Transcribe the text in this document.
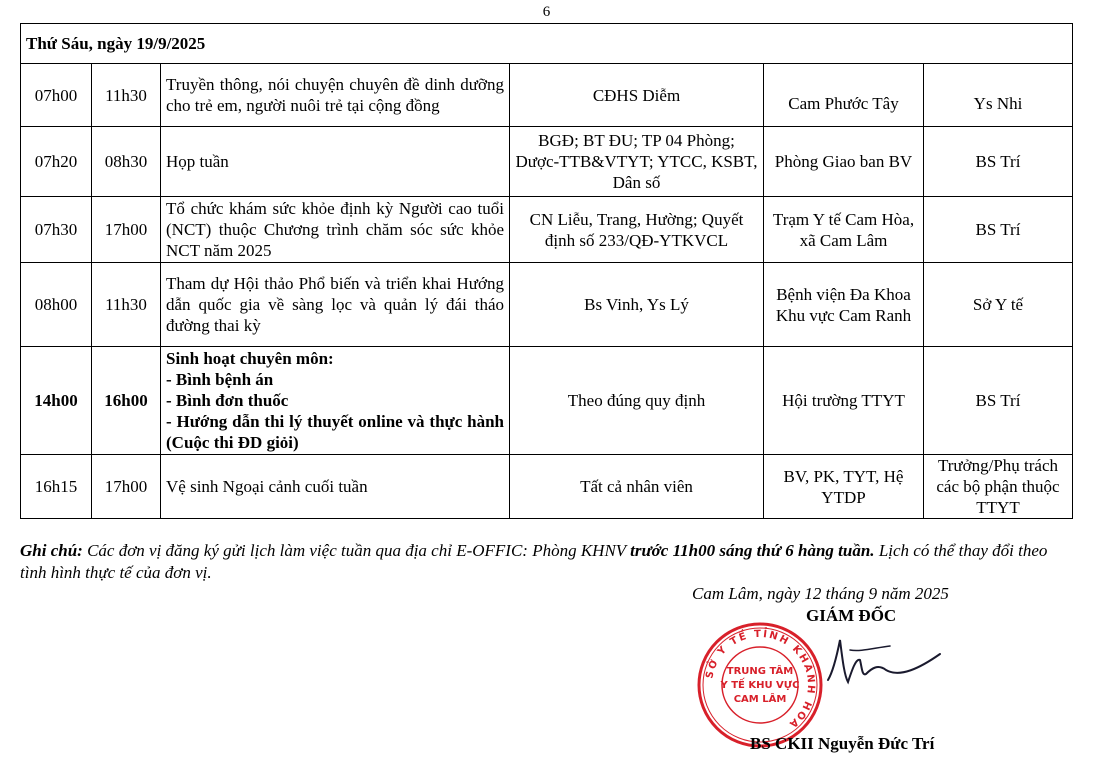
6
Thứ Sáu, ngày 19/9/2025					
07h00	11h30	Truyền thông, nói chuyện chuyên đề dinh dưỡng cho trẻ em, người nuôi trẻ tại cộng đồng	CĐHS Diễm	Cam Phước Tây	Ys Nhi
07h20	08h30	Họp tuần	BGĐ; BT ĐU; TP 04 Phòng; Dược-TTB&VTYT; YTCC, KSBT, Dân số	Phòng Giao ban BV	BS Trí
07h30	17h00	Tổ chức khám sức khỏe định kỳ Người cao tuổi (NCT) thuộc Chương trình chăm sóc sức khỏe NCT năm 2025	CN Liễu, Trang, Hường; Quyết định số 233/QĐ-YTKVCL	Trạm Y tế Cam Hòa, xã Cam Lâm	BS Trí
08h00	11h30	Tham dự Hội thảo Phổ biến và triển khai Hướng dẫn quốc gia về sàng lọc và quản lý đái tháo đường thai kỳ	Bs Vinh, Ys Lý	Bệnh viện Đa Khoa Khu vực Cam Ranh	Sở Y tế
14h00	16h00	Sinh hoạt chuyên môn:
- Bình bệnh án
- Bình đơn thuốc
- Hướng dẫn thi lý thuyết online và thực hành (Cuộc thi ĐD giỏi)	Theo đúng quy định	Hội trường TTYT	BS Trí
16h15	17h00	Vệ sinh Ngoại cảnh cuối tuần	Tất cả nhân viên	BV, PK, TYT, Hệ YTDP	Trưởng/Phụ trách các bộ phận thuộc TTYT
Ghi chú: Các đơn vị đăng ký gửi lịch làm việc tuần qua địa chỉ E-OFFIC: Phòng KHNV trước 11h00 sáng thứ 6 hàng tuần. Lịch có thể thay đổi theo tình hình thực tế của đơn vị.
Cam Lâm, ngày 12 tháng 9 năm 2025
GIÁM ĐỐC
SỞ Y TẾ TỈNH KHÁNH HÒA
TRUNG TÂM
Y TẾ KHU VỰC
CAM LÂM
BS CKII Nguyễn Đức Trí
